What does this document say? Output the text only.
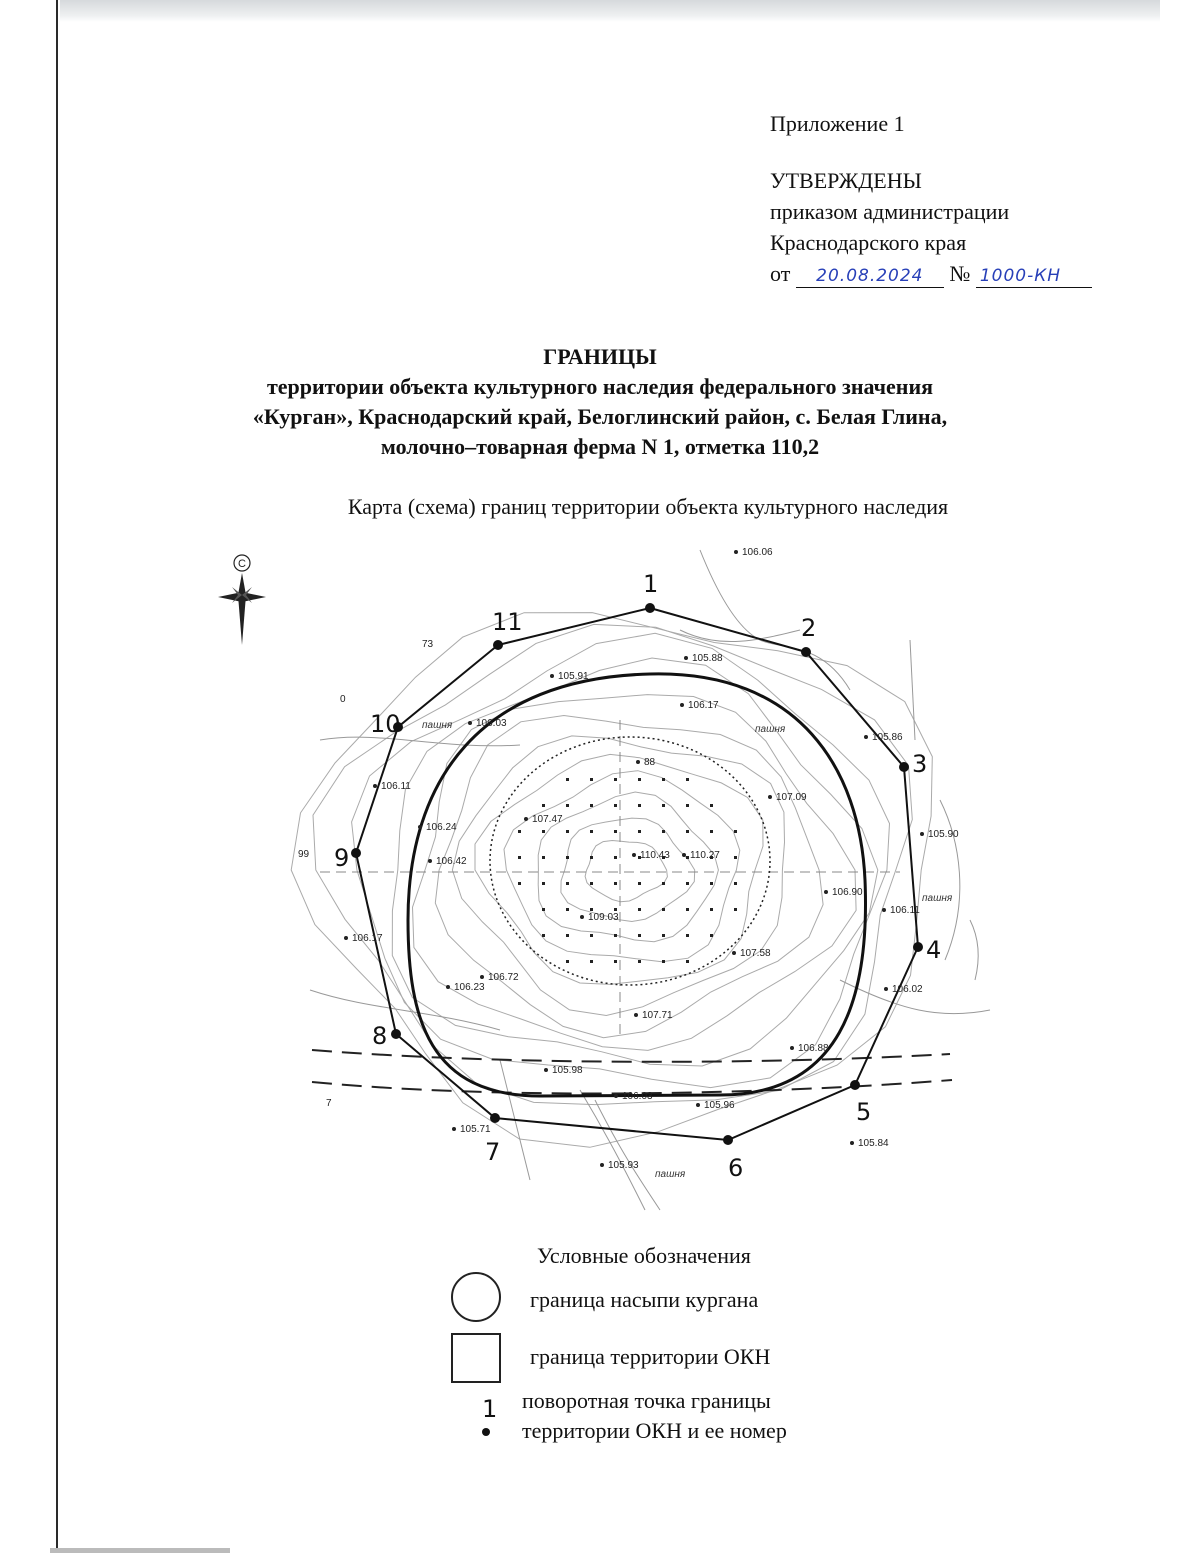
Приложение 1
УТВЕРЖДЕНЫ
приказом администрации
Краснодарского края
от 20.08.2024 № 1000-КН
ГРАНИЦЫ
территории объекта культурного наследия федерального значения
«Курган», Краснодарский край, Белоглинский район, с. Белая Глина,
молочно–товарная ферма N 1, отметка 110,2
Карта (схема) границ территории объекта культурного наследия
1
2
3
4
5
6
7
8
9
10
11
106.06
105.88
105.91
106.17
106.03
105.86
107.09
88
107.47
110.43 110.27
106.11
106.24
105.90
106.90
106.11
106.42
109.03
107.58
106.17
106.72
106.23
107.71
106.02
106.88
105.98
106.03
105.96
105.71
105.84
105.93
пашня	пашня
пашня
пашня
99
7
0
73
С
Условные обозначения
граница насыпи кургана
граница территории ОКН
1 поворотная точка границы
территории ОКН и ее номер
